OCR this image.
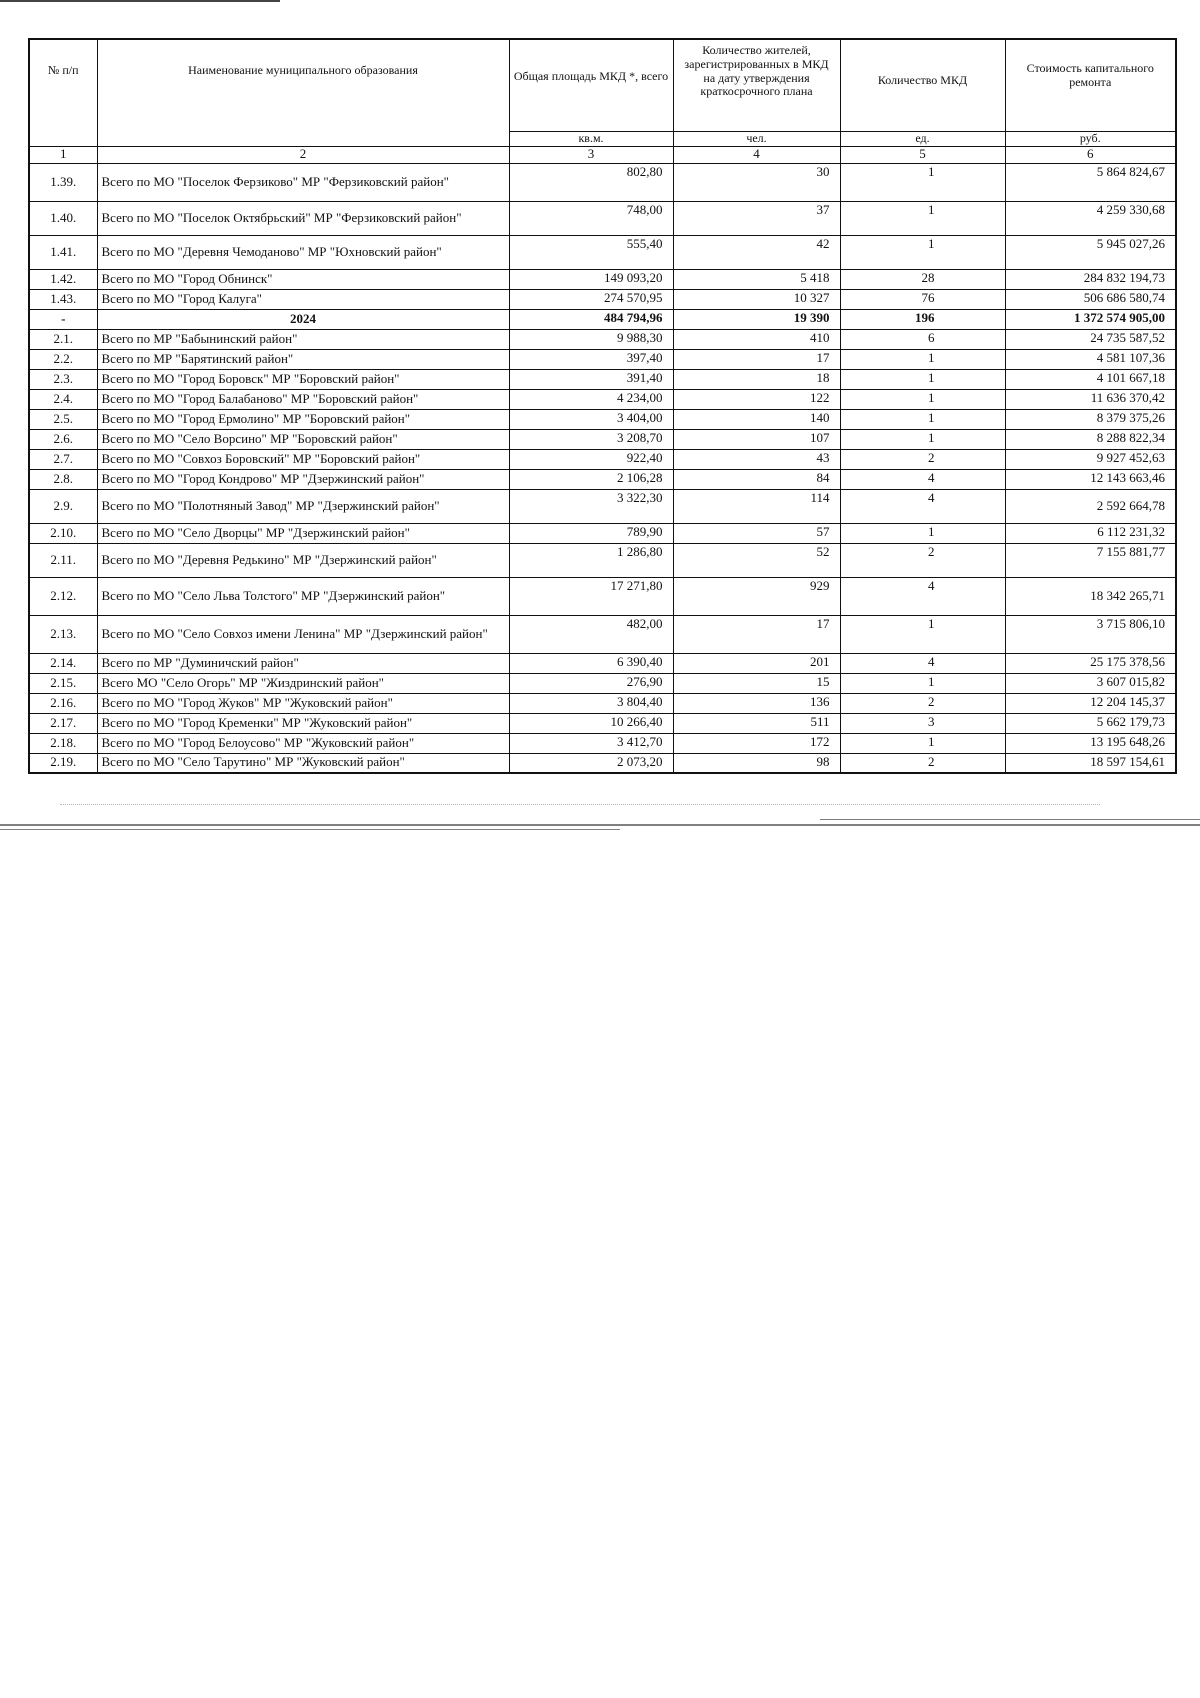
№ п/п	Наименование муниципального образования	Общая площадь МКД *, всего	Количество жителей, зарегистрированных в МКД на дату утверждения краткосрочного плана	Количество МКД	Стоимость капитального ремонта
		кв.м.	чел.	ед.	руб.
1	2	3	4	5	6
1.39.	Всего по МО "Поселок Ферзиково" МР "Ферзиковский район"	802,80	30	1	5 864 824,67
1.40.	Всего по МО "Поселок Октябрьский" МР "Ферзиковский район"	748,00	37	1	4 259 330,68
1.41.	Всего по МО "Деревня Чемоданово" МР "Юхновский район"	555,40	42	1	5 945 027,26
1.42.	Всего по МО "Город Обнинск"	149 093,20	5 418	28	284 832 194,73
1.43.	Всего по МО "Город Калуга"	274 570,95	10 327	76	506 686 580,74
-	2024	484 794,96	19 390	196	1 372 574 905,00
2.1.	Всего по МР "Бабынинский район"	9 988,30	410	6	24 735 587,52
2.2.	Всего по МР "Барятинский район"	397,40	17	1	4 581 107,36
2.3.	Всего по МО "Город Боровск" МР "Боровский район"	391,40	18	1	4 101 667,18
2.4.	Всего по МО "Город Балабаново" МР "Боровский район"	4 234,00	122	1	11 636 370,42
2.5.	Всего по МО "Город Ермолино" МР "Боровский район"	3 404,00	140	1	8 379 375,26
2.6.	Всего по МО "Село Ворсино" МР "Боровский район"	3 208,70	107	1	8 288 822,34
2.7.	Всего по МО "Совхоз Боровский" МР "Боровский район"	922,40	43	2	9 927 452,63
2.8.	Всего по МО "Город Кондрово" МР "Дзержинский район"	2 106,28	84	4	12 143 663,46
2.9.	Всего по МО "Полотняный Завод" МР "Дзержинский район"	3 322,30	114	4	2 592 664,78
2.10.	Всего по МО "Село Дворцы" МР "Дзержинский район"	789,90	57	1	6 112 231,32
2.11.	Всего по МО "Деревня Редькино" МР "Дзержинский район"	1 286,80	52	2	7 155 881,77
2.12.	Всего по МО "Село Льва Толстого" МР "Дзержинский район"	17 271,80	929	4	18 342 265,71
2.13.	Всего по МО "Село Совхоз имени Ленина" МР "Дзержинский район"	482,00	17	1	3 715 806,10
2.14.	Всего по МР "Думиничский район"	6 390,40	201	4	25 175 378,56
2.15.	Всего МО "Село Огорь" МР "Жиздринский район"	276,90	15	1	3 607 015,82
2.16.	Всего по МО "Город Жуков" МР "Жуковский район"	3 804,40	136	2	12 204 145,37
2.17.	Всего по МО "Город Кременки" МР "Жуковский район"	10 266,40	511	3	5 662 179,73
2.18.	Всего по МО "Город Белоусово" МР "Жуковский район"	3 412,70	172	1	13 195 648,26
2.19.	Всего по МО "Село Тарутино" МР "Жуковский район"	2 073,20	98	2	18 597 154,61
